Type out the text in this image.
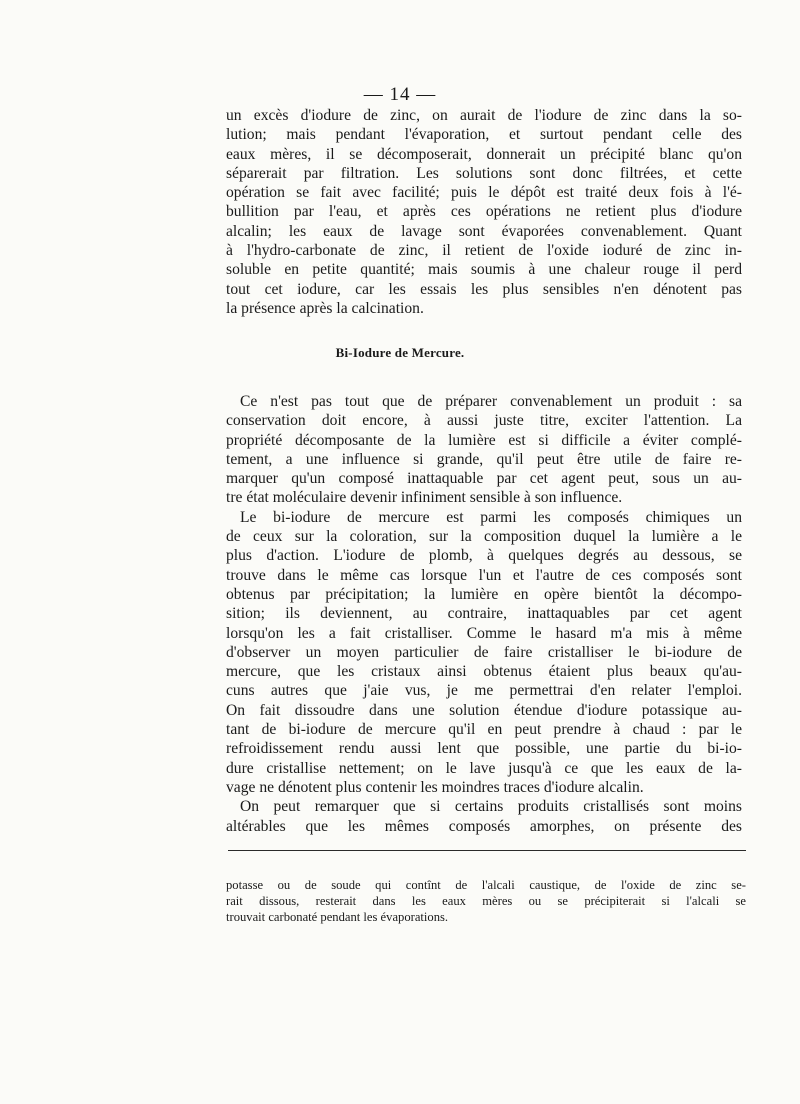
— 14 —
un excès d'iodure de zinc, on aurait de l'iodure de zinc dans la so-
lution; mais pendant l'évaporation, et surtout pendant celle des
eaux mères, il se décomposerait, donnerait un précipité blanc qu'on
séparerait par filtration. Les solutions sont donc filtrées, et cette
opération se fait avec facilité; puis le dépôt est traité deux fois à l'é-
bullition par l'eau, et après ces opérations ne retient plus d'iodure
alcalin; les eaux de lavage sont évaporées convenablement. Quant
à l'hydro-carbonate de zinc, il retient de l'oxide ioduré de zinc in-
soluble en petite quantité; mais soumis à une chaleur rouge il perd
tout cet iodure, car les essais les plus sensibles n'en dénotent pas
la présence après la calcination.
Bi-Iodure de Mercure.
Ce n'est pas tout que de préparer convenablement un produit : sa
conservation doit encore, à aussi juste titre, exciter l'attention. La
propriété décomposante de la lumière est si difficile a éviter complé-
tement, a une influence si grande, qu'il peut être utile de faire re-
marquer qu'un composé inattaquable par cet agent peut, sous un au-
tre état moléculaire devenir infiniment sensible à son influence.
Le bi-iodure de mercure est parmi les composés chimiques un
de ceux sur la coloration, sur la composition duquel la lumière a le
plus d'action. L'iodure de plomb, à quelques degrés au dessous, se
trouve dans le même cas lorsque l'un et l'autre de ces composés sont
obtenus par précipitation; la lumière en opère bientôt la décompo-
sition; ils deviennent, au contraire, inattaquables par cet agent
lorsqu'on les a fait cristalliser. Comme le hasard m'a mis à même
d'observer un moyen particulier de faire cristalliser le bi-iodure de
mercure, que les cristaux ainsi obtenus étaient plus beaux qu'au-
cuns autres que j'aie vus, je me permettrai d'en relater l'emploi.
On fait dissoudre dans une solution étendue d'iodure potassique au-
tant de bi-iodure de mercure qu'il en peut prendre à chaud : par le
refroidissement rendu aussi lent que possible, une partie du bi-io-
dure cristallise nettement; on le lave jusqu'à ce que les eaux de la-
vage ne dénotent plus contenir les moindres traces d'iodure alcalin.
On peut remarquer que si certains produits cristallisés sont moins
altérables que les mêmes composés amorphes, on présente des
potasse ou de soude qui contînt de l'alcali caustique, de l'oxide de zinc se-
rait dissous, resterait dans les eaux mères ou se précipiterait si l'alcali se
trouvait carbonaté pendant les évaporations.
